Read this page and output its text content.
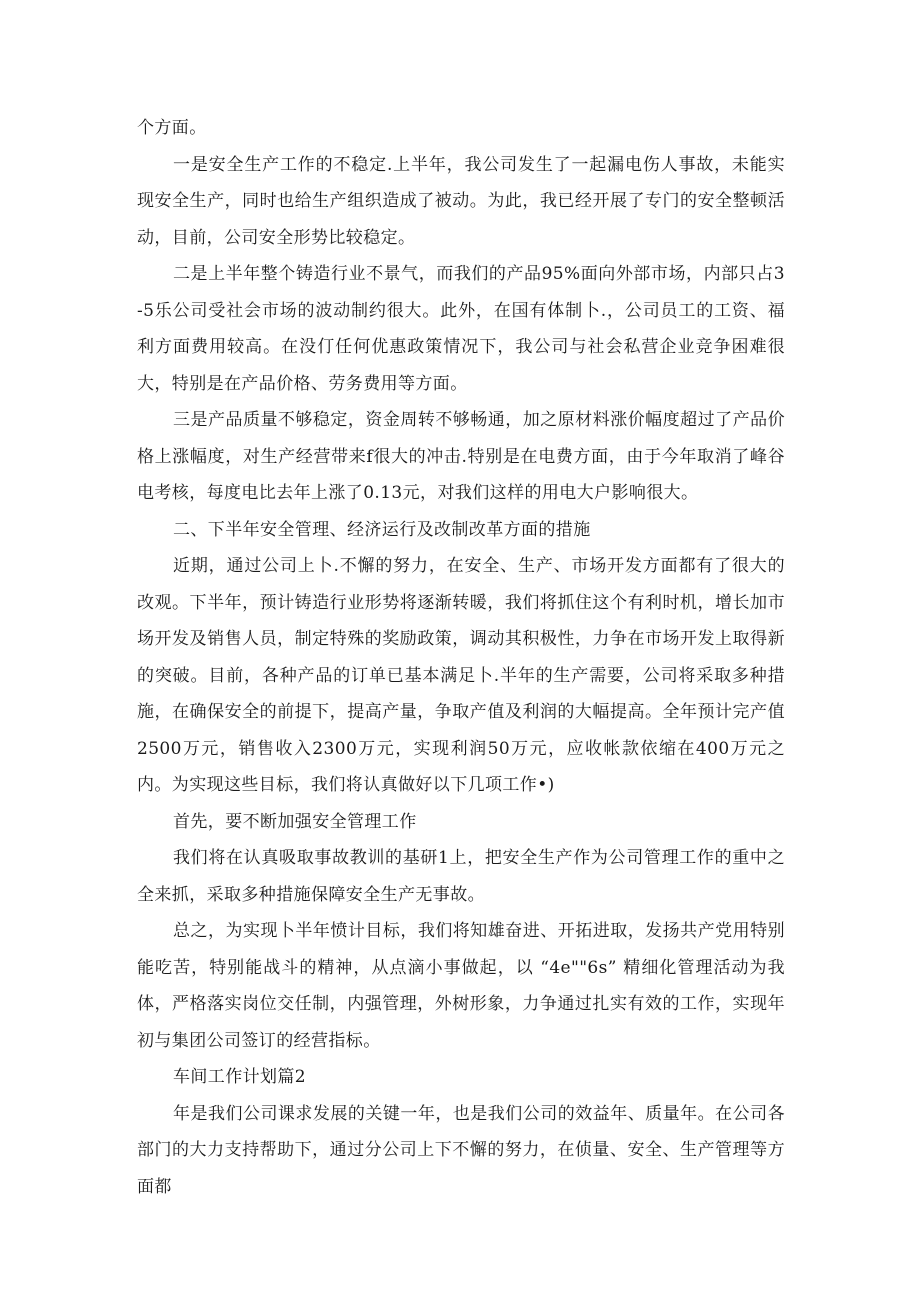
个方面。

一是安全生产工作的不稳定.上半年，我公司发生了一起漏电伤人事故，未能实现安全生产，同时也给生产组织造成了被动。为此，我已经开展了专门的安全整顿活动，目前，公司安全形势比较稳定。

二是上半年整个铸造行业不景气，而我们的产品95%面向外部市场，内部只占3-5乐公司受社会市场的波动制约很大。此外，在国有体制卜.，公司员工的工资、福利方面费用较高。在没仃任何优惠政策情况下，我公司与社会私营企业竞争困难很大，特别是在产品价格、劳务费用等方面。

三是产品质量不够稳定，资金周转不够畅通，加之原材料涨价幅度超过了产品价格上涨幅度，对生产经营带来f很大的冲击.特别是在电费方面，由于今年取消了峰谷电考核，每度电比去年上涨了0.13元，对我们这样的用电大户影响很大。

二、下半年安全管理、经济运行及改制改革方面的措施

近期，通过公司上卜.不懈的努力，在安全、生产、市场开发方面都有了很大的改观。下半年，预计铸造行业形势将逐渐转暖，我们将抓住这个有利时机，增长加市场开发及销售人员，制定特殊的奖励政策，调动其积极性，力争在市场开发上取得新的突破。目前，各种产品的订单已基本满足卜.半年的生产需要，公司将采取多种措施，在确保安全的前提下，提高产量，争取产值及利润的大幅提高。全年预计完产值2500万元，销售收入2300万元，实现利润50万元，应收帐款依缩在400万元之内。为实现这些目标，我们将认真做好以下几项工作•)

首先，要不断加强安全管理工作

我们将在认真吸取事故教训的基研1上，把安全生产作为公司管理工作的重中之全来抓，采取多种措施保障安全生产无事故。

总之，为实现卜半年愤计目标，我们将知雄奋进、开拓进取，发扬共产党用特别能吃苦，特别能战斗的精神，从点滴小事做起，以 “4e""6s” 精细化管理活动为我体，严格落实岗位交任制，内强管理，外树形象，力争通过扎实有效的工作，实现年初与集团公司签订的经营指标。

车间工作计划篇2

年是我们公司课求发展的关键一年，也是我们公司的效益年、质量年。在公司各部门的大力支持帮助下，通过分公司上下不懈的努力，在侦量、安全、生产管理等方面都
